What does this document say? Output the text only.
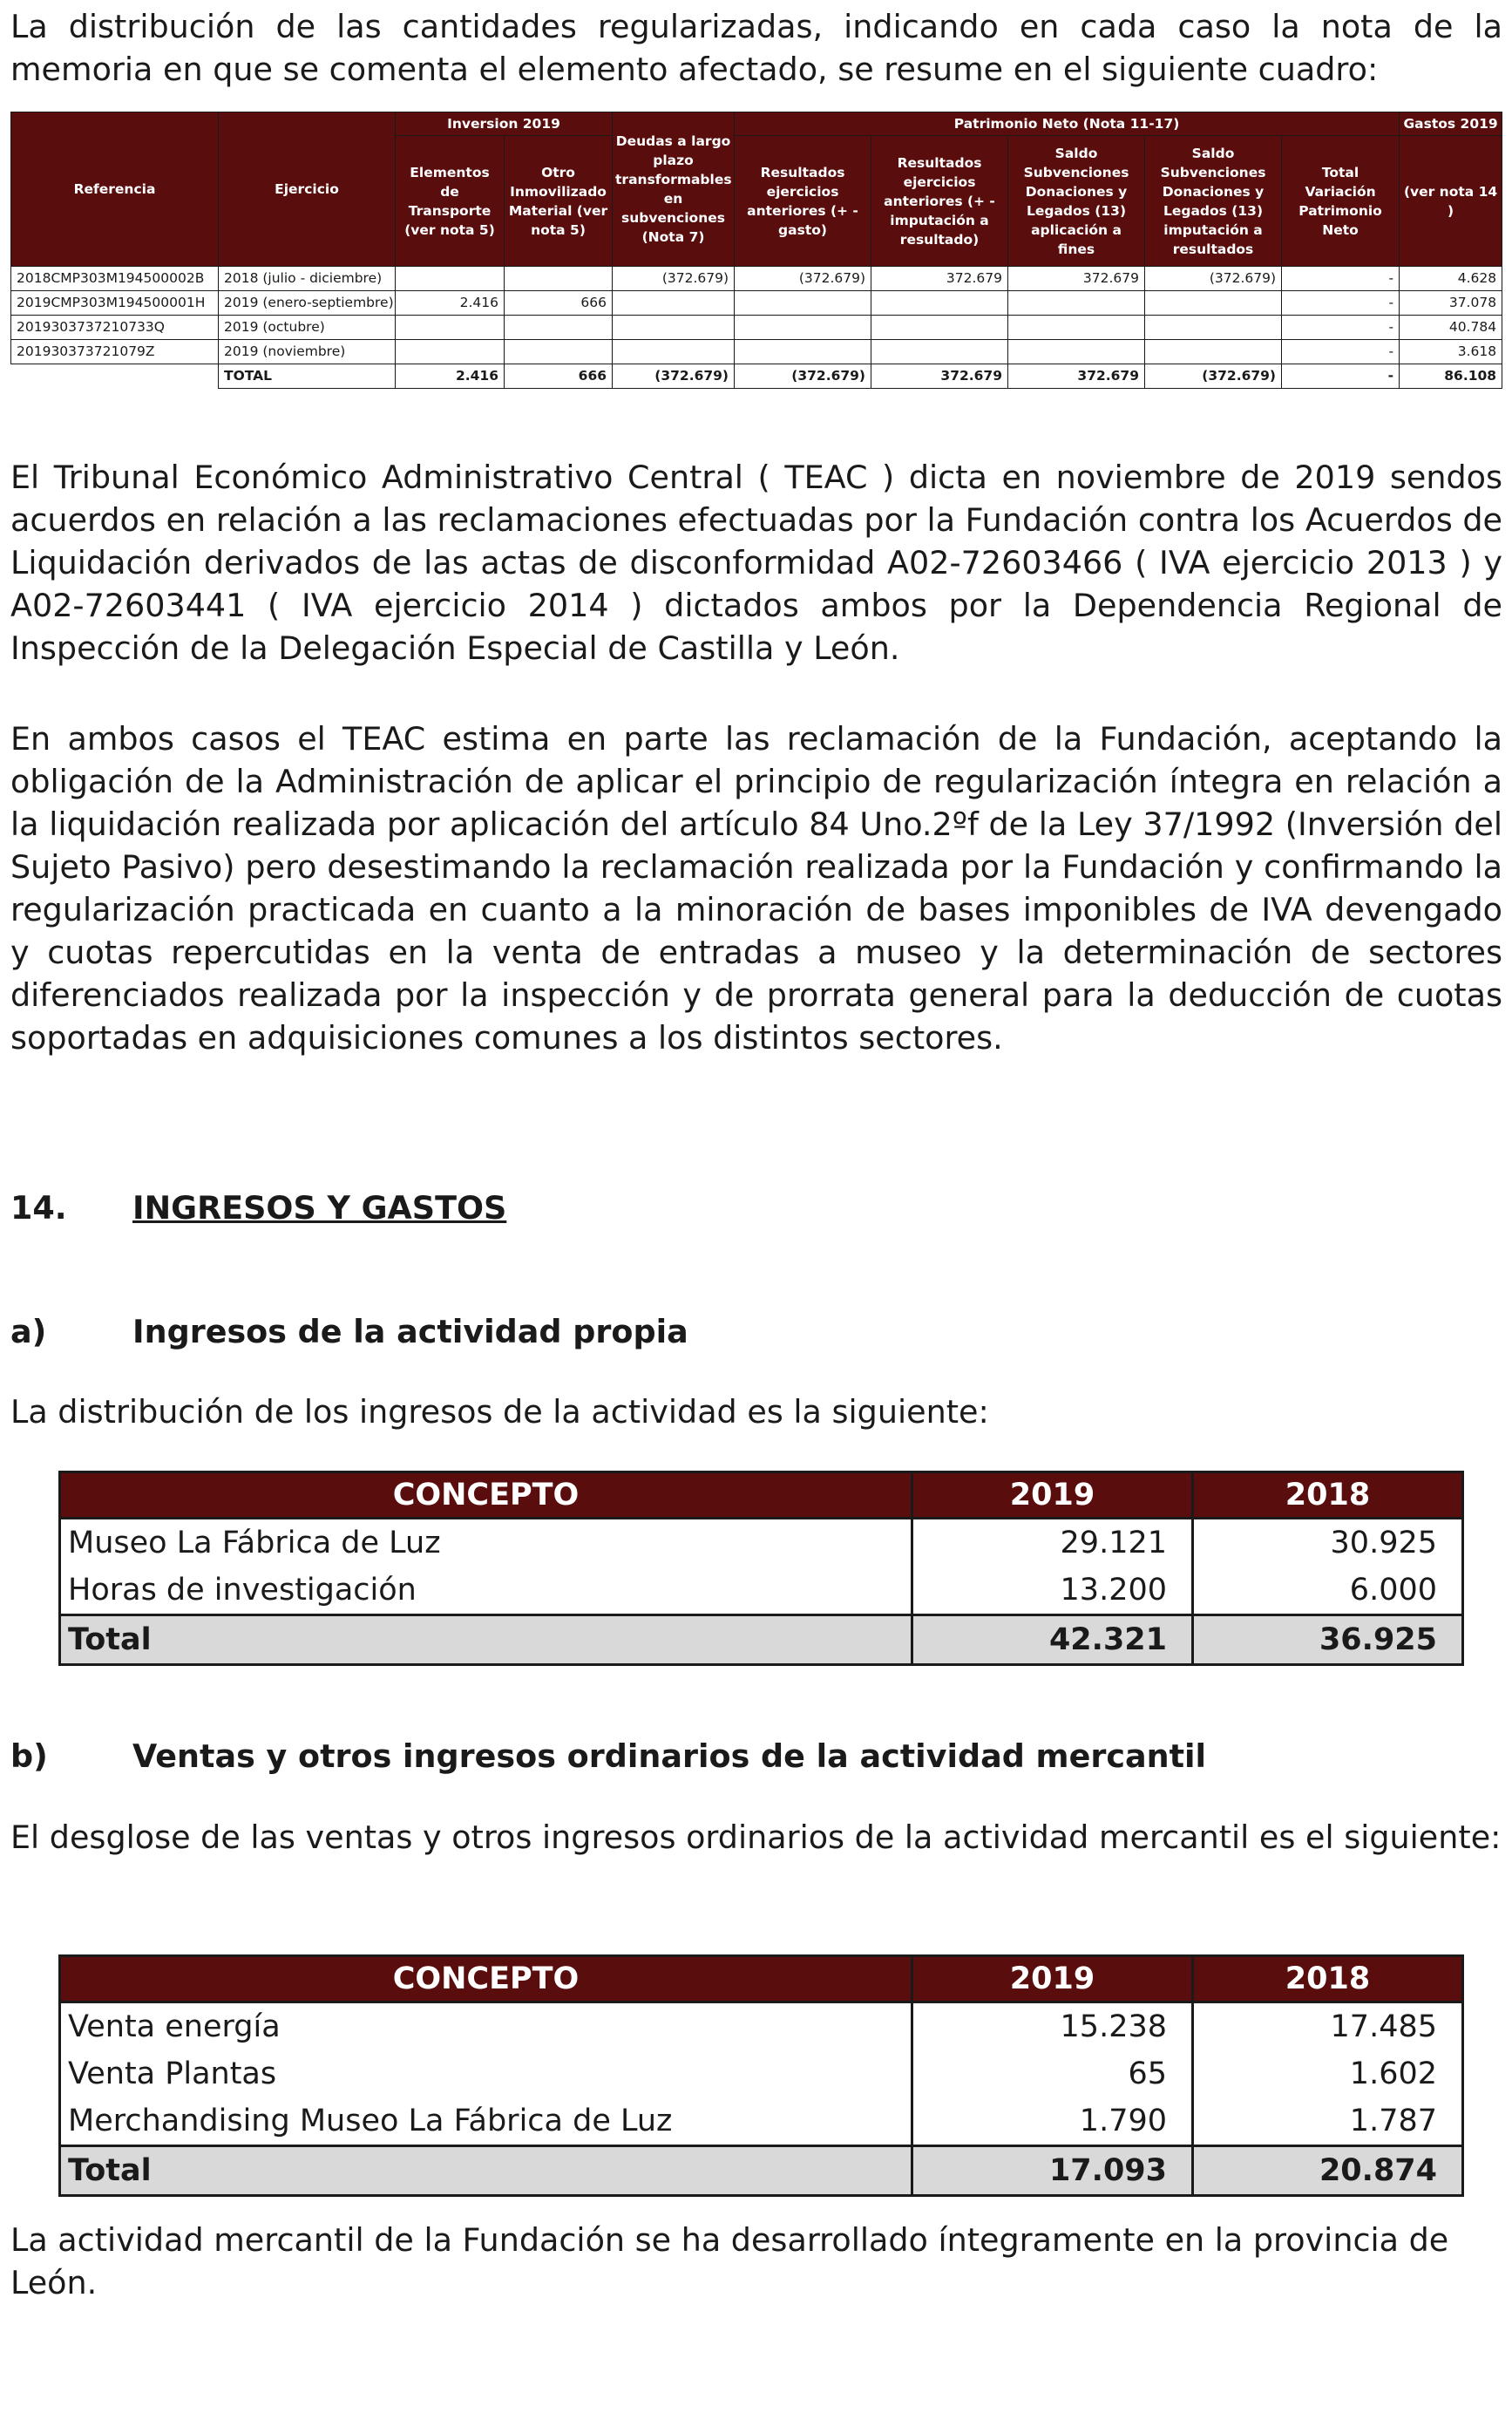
La distribución de las cantidades regularizadas, indicando en cada caso la nota de la memoria en que se comenta el elemento afectado, se resume en el siguiente cuadro:

Referencia	Ejercicio	Inversion 2019		Deudas a largo plazo transformables en subvenciones (Nota 7)	Patrimonio Neto (Nota 11-17)					Gastos 2019
		Elementos de Transporte (ver nota 5)	Otro Inmovilizado Material (ver nota 5)		Resultados ejercicios anteriores (+ - gasto)	Resultados ejercicios anteriores (+ - imputación a resultado)	Saldo Subvenciones Donaciones y Legados (13) aplicación a fines	Saldo Subvenciones Donaciones y Legados (13) imputación a resultados	Total Variación Patrimonio Neto	(ver nota 14 )
2018CMP303M194500002B	2018 (julio - diciembre)			(372.679)	(372.679)	372.679	372.679	(372.679)	-	4.628
2019CMP303M194500001H	2019 (enero-septiembre)	2.416	666						-	37.078
2019303737210733Q	2019 (octubre)								-	40.784
201930373721079Z	2019 (noviembre)								-	3.618
	TOTAL	2.416	666	(372.679)	(372.679)	372.679	372.679	(372.679)	-	86.108

El Tribunal Económico Administrativo Central ( TEAC ) dicta en noviembre de 2019 sendos acuerdos en relación a las reclamaciones efectuadas por la Fundación contra los Acuerdos de Liquidación derivados de las actas de disconformidad A02-72603466 ( IVA ejercicio 2013 ) y A02-72603441 ( IVA ejercicio 2014 ) dictados ambos por la Dependencia Regional de Inspección de la Delegación Especial de Castilla y León.

En ambos casos el TEAC estima en parte las reclamación de la Fundación, aceptando la obligación de la Administración de aplicar el principio de regularización íntegra en relación a la liquidación realizada por aplicación del artículo 84 Uno.2ºf de la Ley 37/1992 (Inversión del Sujeto Pasivo) pero desestimando la reclamación realizada por la Fundación y confirmando la regularización practicada en cuanto a la minoración de bases imponibles de IVA devengado y cuotas repercutidas en la venta de entradas a museo y la determinación de sectores diferenciados realizada por la inspección y de prorrata general para la deducción de cuotas soportadas en adquisiciones comunes a los distintos sectores.

14. INGRESOS Y GASTOS
a)	Ingresos de la actividad propia

La distribución de los ingresos de la actividad es la siguiente:

CONCEPTO	2019	2018
Museo La Fábrica de Luz	29.121	30.925
Horas de investigación	13.200	6.000
Total	42.321	36.925
b)	Ventas y otros ingresos ordinarios de la actividad mercantil

El desglose de las ventas y otros ingresos ordinarios de la actividad mercantil es el siguiente:

CONCEPTO	2019	2018
Venta energía	15.238	17.485
Venta Plantas	65	1.602
Merchandising Museo La Fábrica de Luz	1.790	1.787
Total	17.093	20.874

La actividad mercantil de la Fundación se ha desarrollado íntegramente en la provincia de León.
